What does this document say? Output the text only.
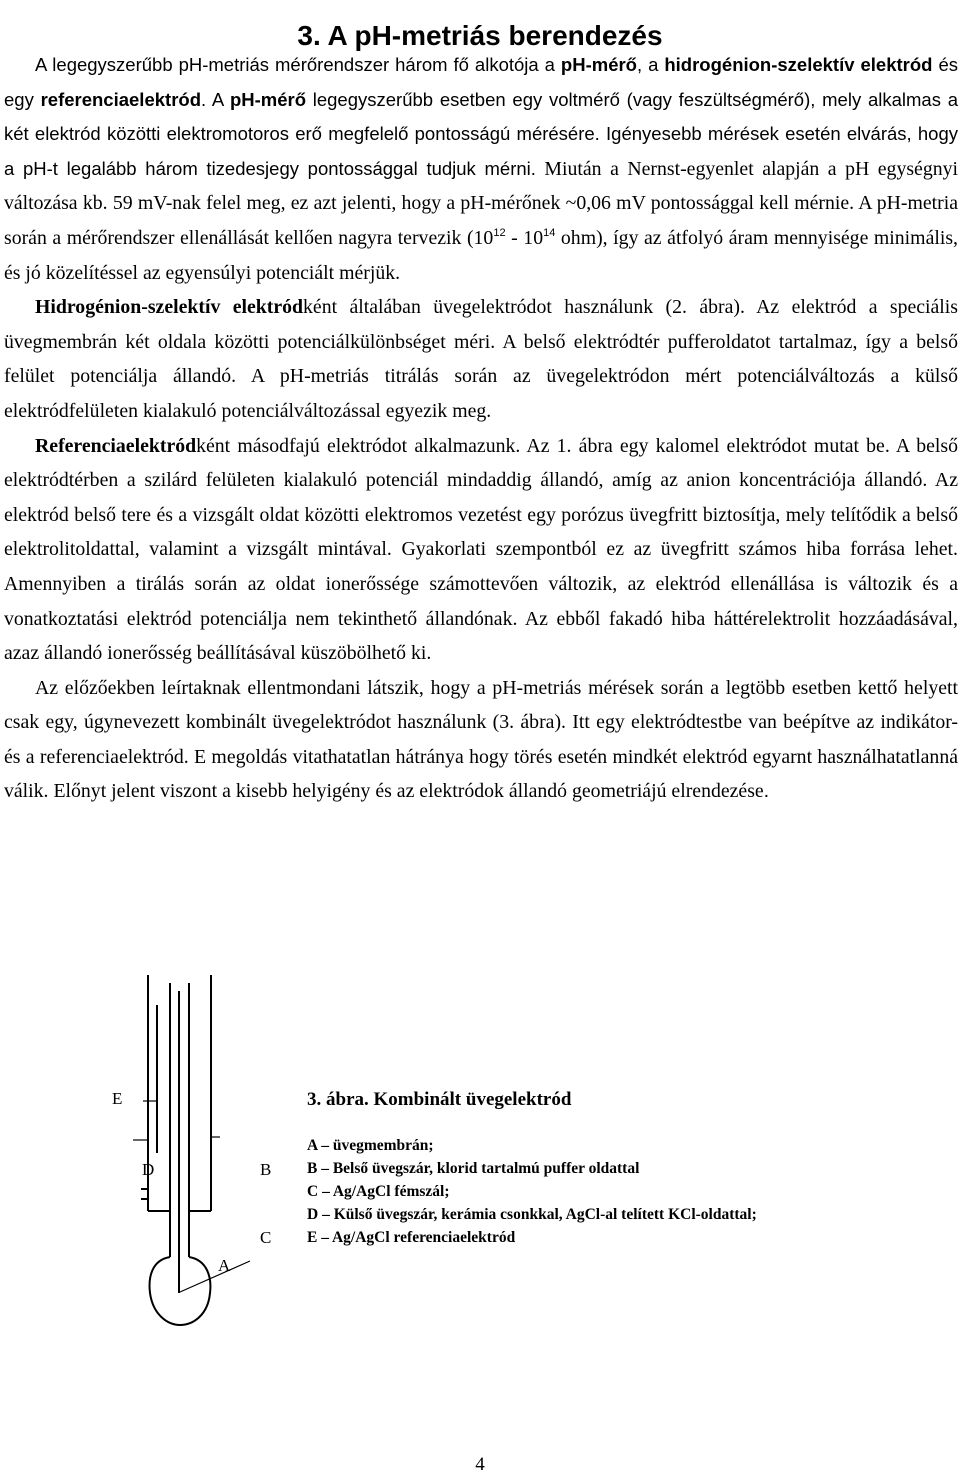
3. A pH-metriás berendezés

A legegyszerűbb pH-metriás mérőrendszer három fő alkotója a pH-mérő, a hidrogénion-szelektív elektród és egy referenciaelektród. A pH-mérő legegyszerűbb esetben egy voltmérő (vagy feszültségmérő), mely alkalmas a két elektród közötti elektromotoros erő megfelelő pontosságú mérésére. Igényesebb mérések esetén elvárás, hogy a pH-t legalább három tizedesjegy pontossággal tudjuk mérni. Miután a Nernst-egyenlet alapján a pH egységnyi változása kb. 59 mV-nak felel meg, ez azt jelenti, hogy a pH-mérőnek ~0,06 mV pontossággal kell mérnie. A pH-metria során a mérőrendszer ellenállását kellően nagyra tervezik ($10^{12} - 10^{14}$ ohm), így az átfolyó áram mennyisége minimális, és jó közelítéssel az egyensúlyi potenciált mérjük.

Hidrogénion-szelektív elektródként általában üvegelektródot használunk (2. ábra). Az elektród a speciális üvegmembrán két oldala közötti potenciálkülönbséget méri. A belső elektródtér pufferoldatot tartalmaz, így a belső felület potenciálja állandó. A pH-metriás titrálás során az üvegelektródon mért potenciálváltozás a külső elektródfelületen kialakuló potenciálváltozással egyezik meg.

Referenciaelektródként másodfajú elektródot alkalmazunk. Az 1. ábra egy kalomel elektródot mutat be. A belső elektródtérben a szilárd felületen kialakuló potenciál mindaddig állandó, amíg az anion koncentrációja állandó. Az elektród belső tere és a vizsgált oldat közötti elektromos vezetést egy porózus üvegfritt biztosítja, mely telítődik a belső elektrolitoldattal, valamint a vizsgált mintával. Gyakorlati szempontból ez az üvegfritt számos hiba forrása lehet. Amennyiben a tirálás során az oldat ionerőssége számottevően változik, az elektród ellenállása is változik és a vonatkoztatási elektród potenciálja nem tekinthető állandónak. Az ebből fakadó hiba háttérelektrolit hozzáadásával, azaz állandó ionerősség beállításával küszöbölhető ki.

Az előzőekben leírtaknak ellentmondani látszik, hogy a pH-metriás mérések során a legtöbb esetben kettő helyett csak egy, úgynevezett kombinált üvegelektródot használunk (3. ábra). Itt egy elektródtestbe van beépítve az indikátor- és a referenciaelektród. E megoldás vitathatatlan hátránya hogy törés esetén mindkét elektród egyarnt használhatatlanná válik. Előnyt jelent viszont a kisebb helyigény és az elektródok állandó geometriájú elrendezése.

E
D	B
C
A

3. ábra. Kombinált üvegelektród

A – üvegmembrán;
B – Belső üvegszár, klorid tartalmú puffer oldattal
C – Ag/AgCl fémszál;
D – Külső üvegszár, kerámia csonkkal, AgCl-al telített KCl-oldattal;
E – Ag/AgCl referenciaelektród
4
